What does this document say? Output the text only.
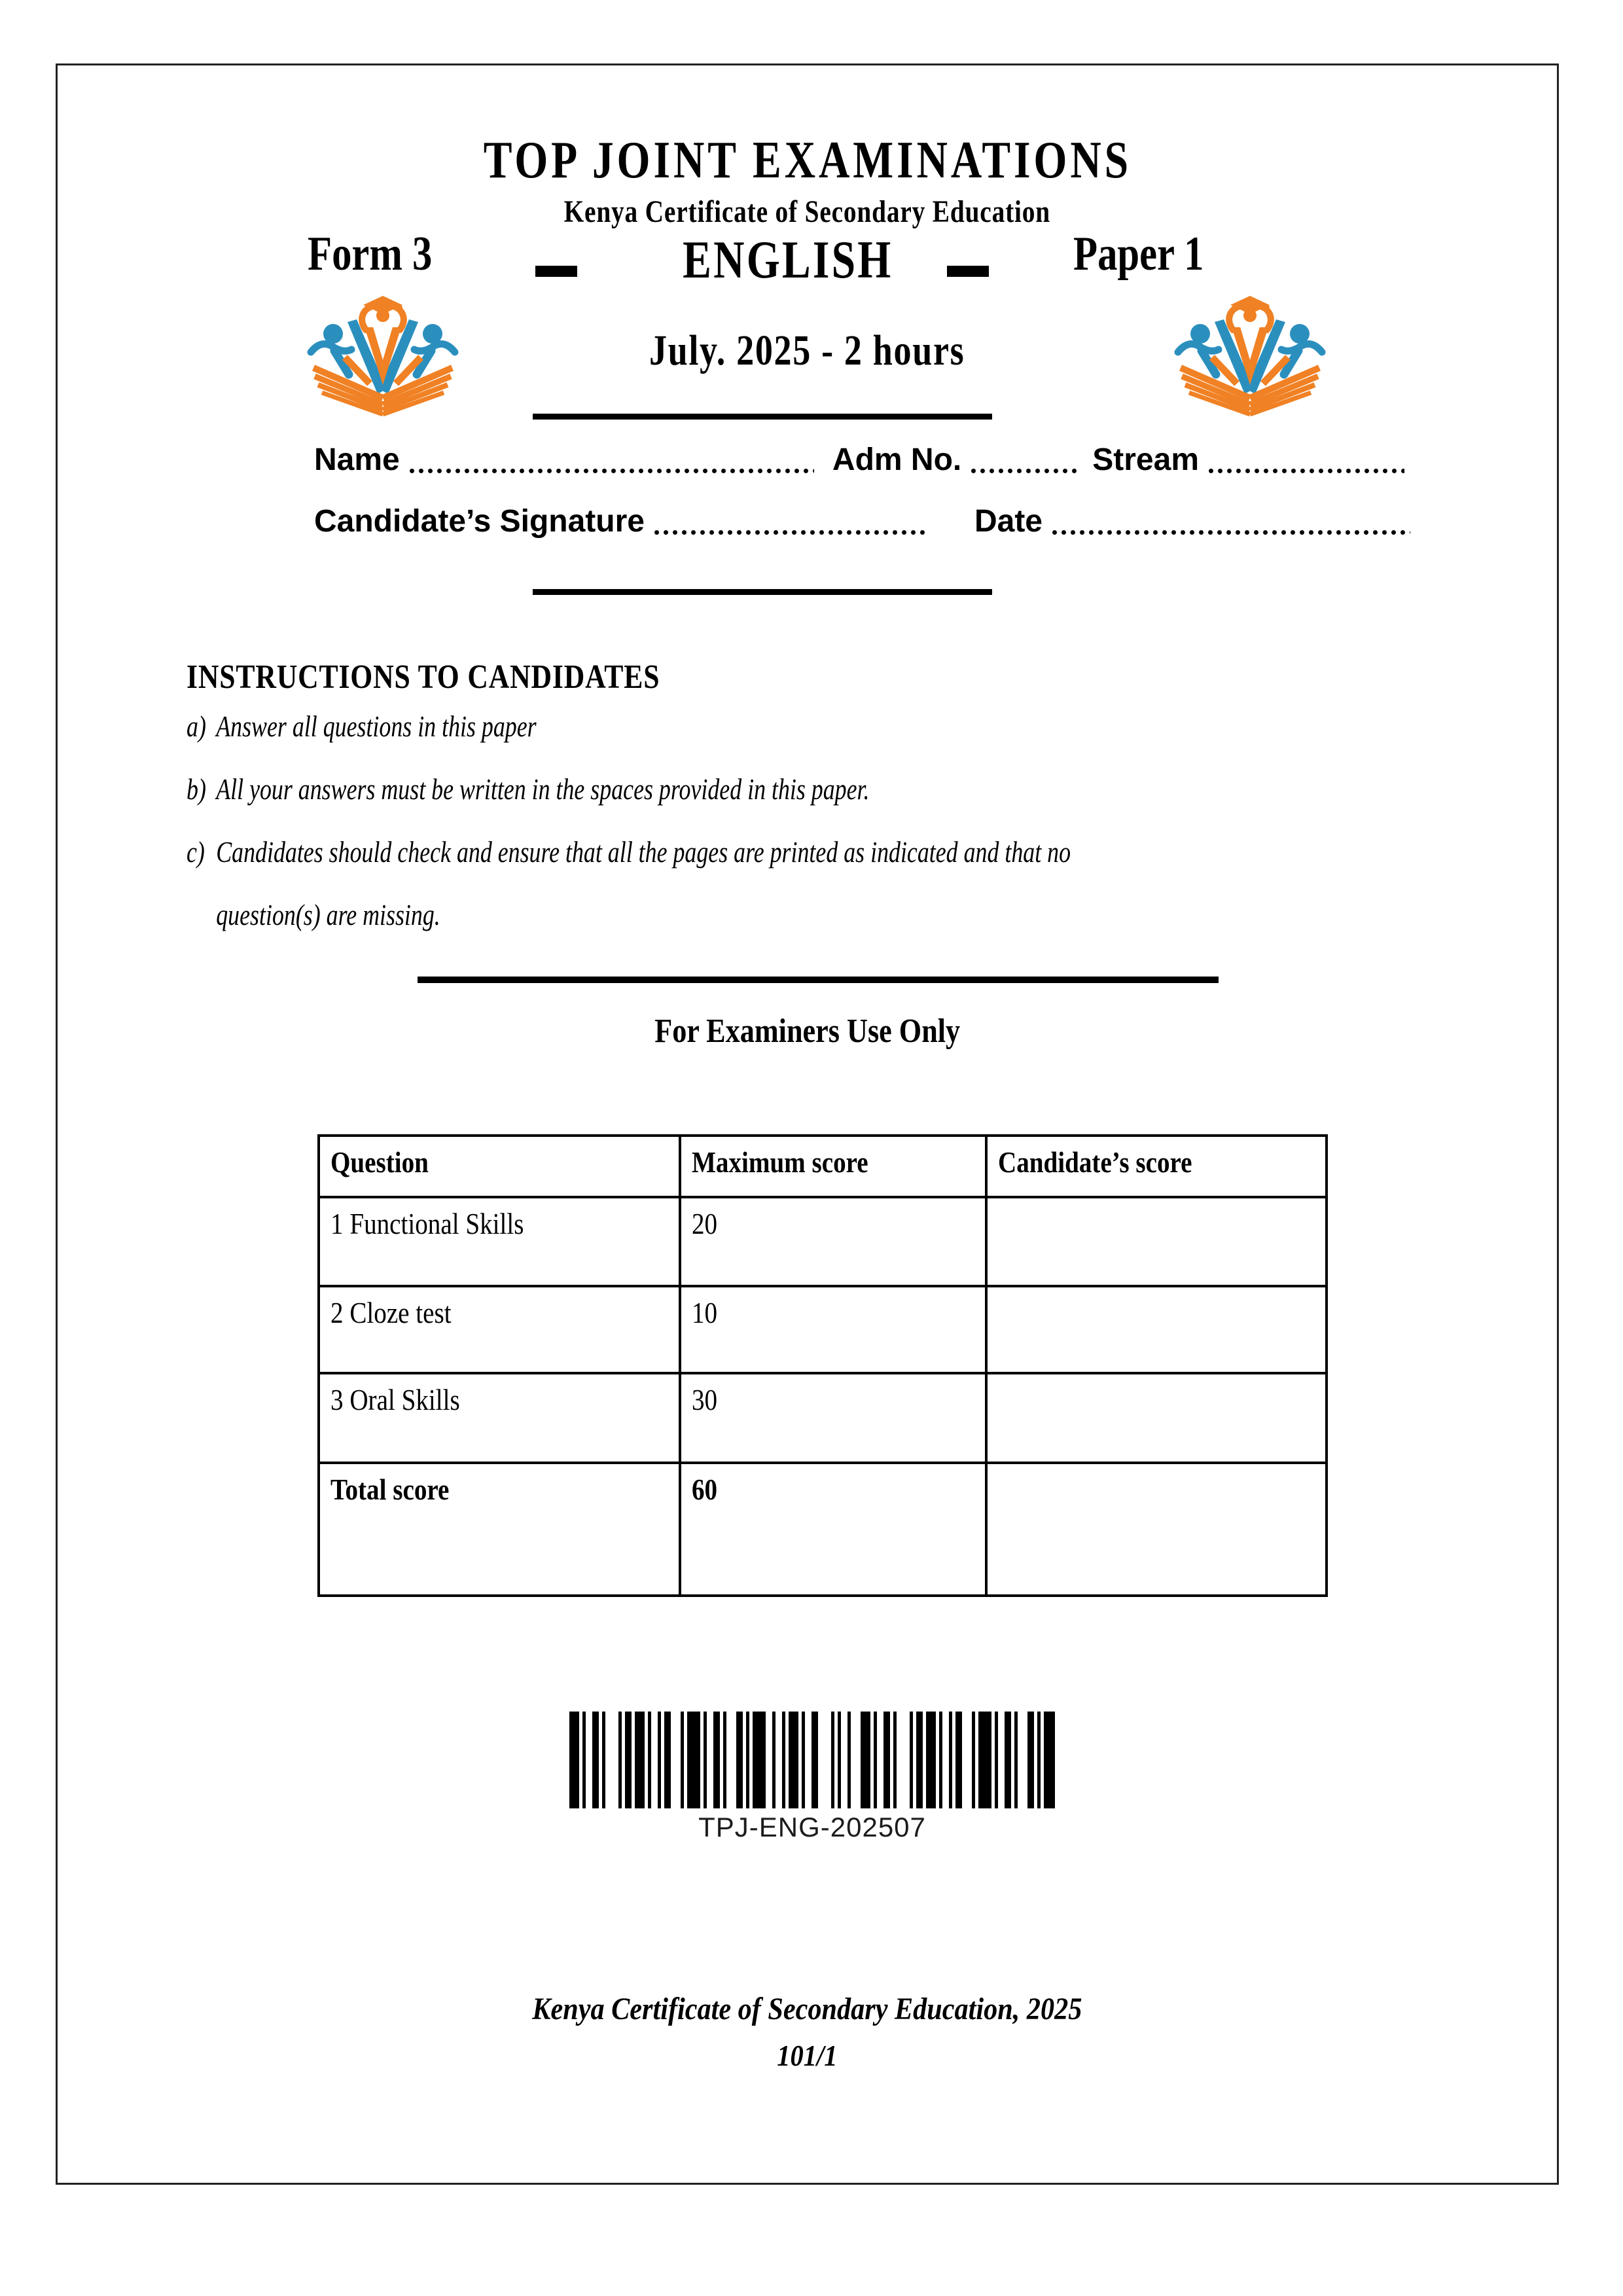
TOP JOINT EXAMINATIONS
Kenya Certificate of Secondary Education
Form 3	ENGLISH	Paper 1
July. 2025 - 2 hours
Name	Adm No.	Stream
Candidate’s Signature	Date
INSTRUCTIONS TO CANDIDATES
a) Answer all questions in this paper
b) All your answers must be written in the spaces provided in this paper.
c) Candidates should check and ensure that all the pages are printed as indicated and that no question(s) are missing.
For Examiners Use Only
Question	Maximum score	Candidate’s score
1 Functional Skills	20	
2 Cloze test	10	
3 Oral Skills	30	
Total score	60	
TPJ-ENG-202507
Kenya Certificate of Secondary Education, 2025
101/1
